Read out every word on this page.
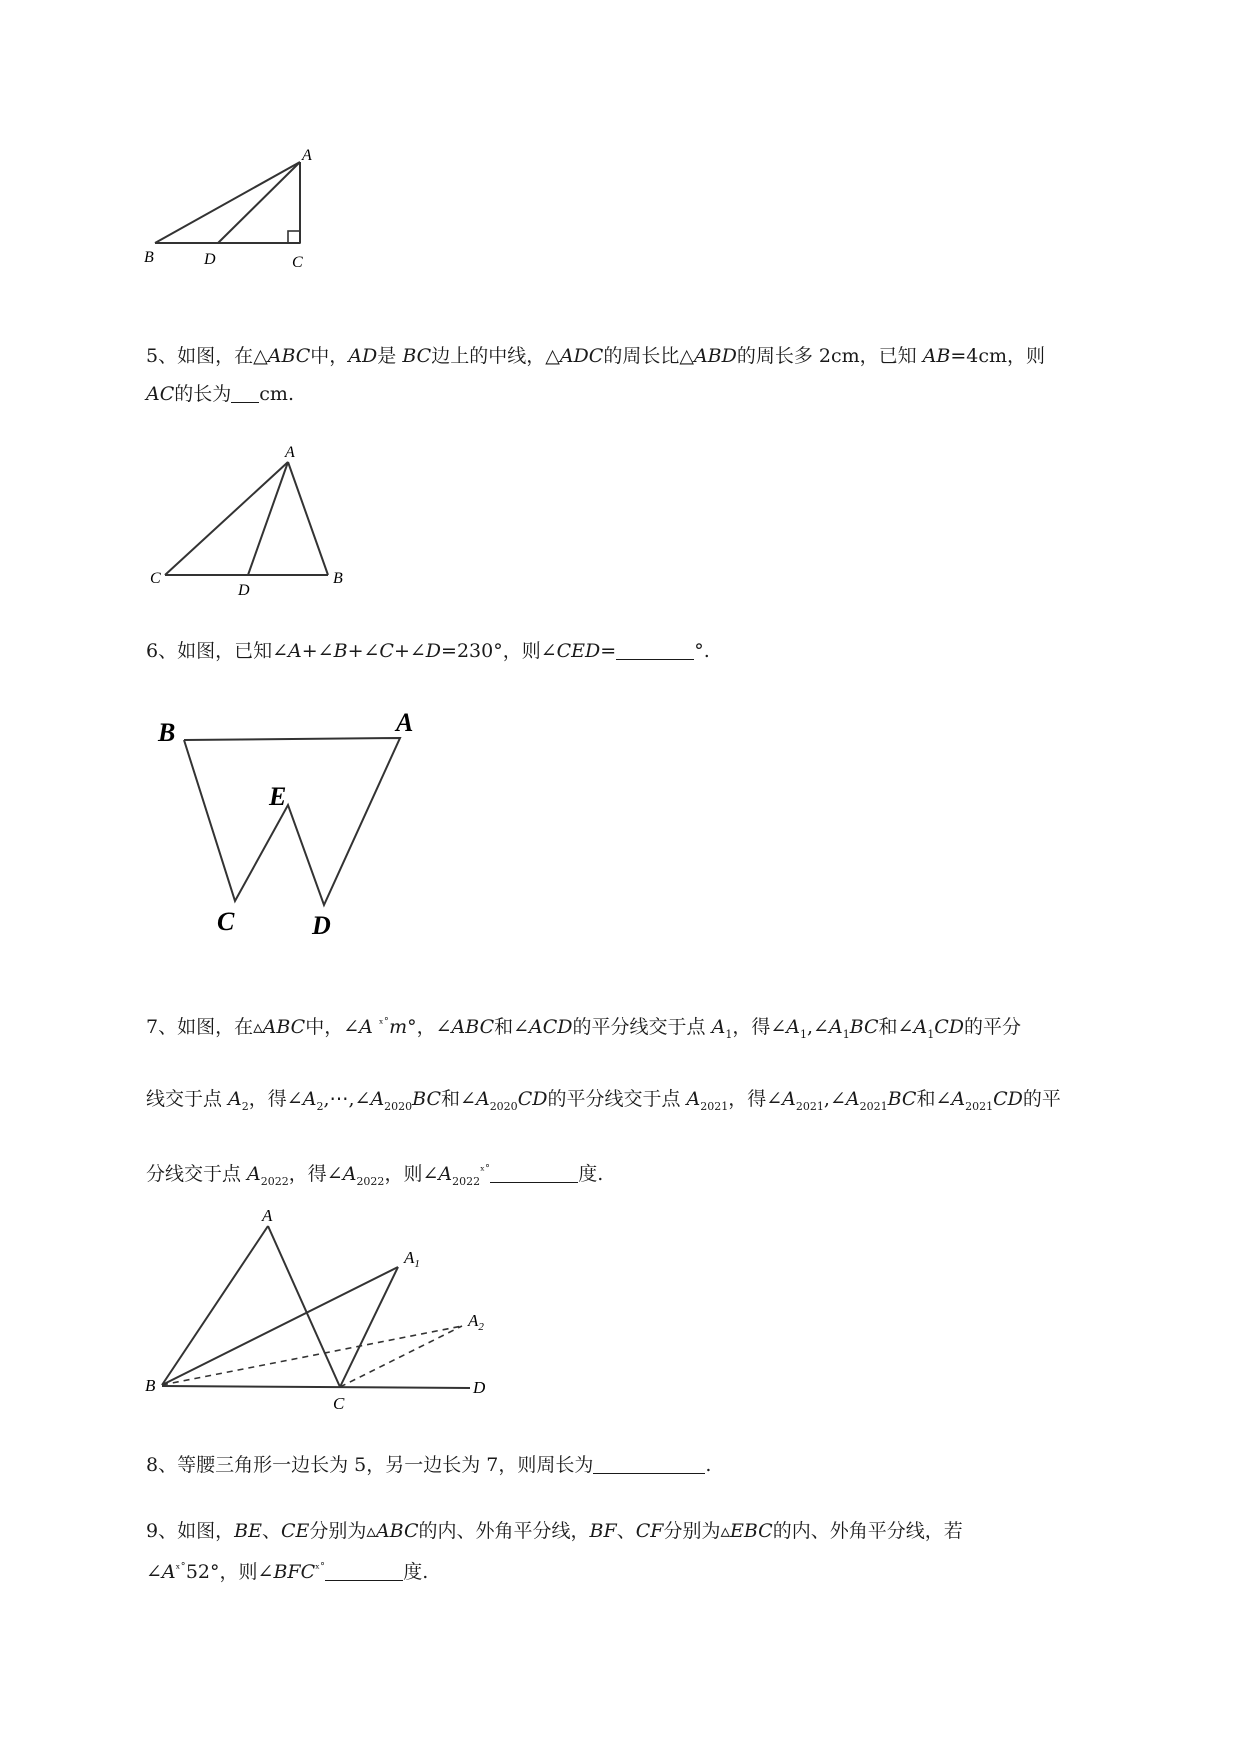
A
B	D	C
5、如图，在△ABC中，AD是 BC边上的中线，△ADC的周长比△ABD的周长多 2cm，已知 AB=4cm，则
AC的长为 cm.
A
C
D
B
6、如图，已知∠A+∠B+∠C+∠D=230°，则∠CED=	°.
B	A
E
C	D
7、如图，在▵ABC中，∠A $^{ˣ˚}$m°，∠ABC和∠ACD的平分线交于点 $A_1$，得$\angle A_1,\angle A_1BC$和$\angle A_1CD$的平分
线交于点 $A_2$，得$\angle A_2,\cdots,\angle A_{2020}BC$和$\angle A_{2020}CD$的平分线交于点 $A_{2021}$，得$\angle A_{2021},\angle A_{2021}BC$和$\angle A_{2021}CD$的平
分线交于点 $A_{2022}$，得$\angle A_{2022}$，则$\angle A_{2022}^{ˣ˚}$	度.
A
$A_1$
$A_2$
B
C
D
8、等腰三角形一边长为 5，另一边长为 7，则周长为	.
9、如图，BE、CE分别为▵ABC的内、外角平分线，BF、CF分别为▵EBC的内、外角平分线，若
$\angle A^{ˣ˚}52^\circ$，则$\angle BFC^{ˣ˚}$	度.
